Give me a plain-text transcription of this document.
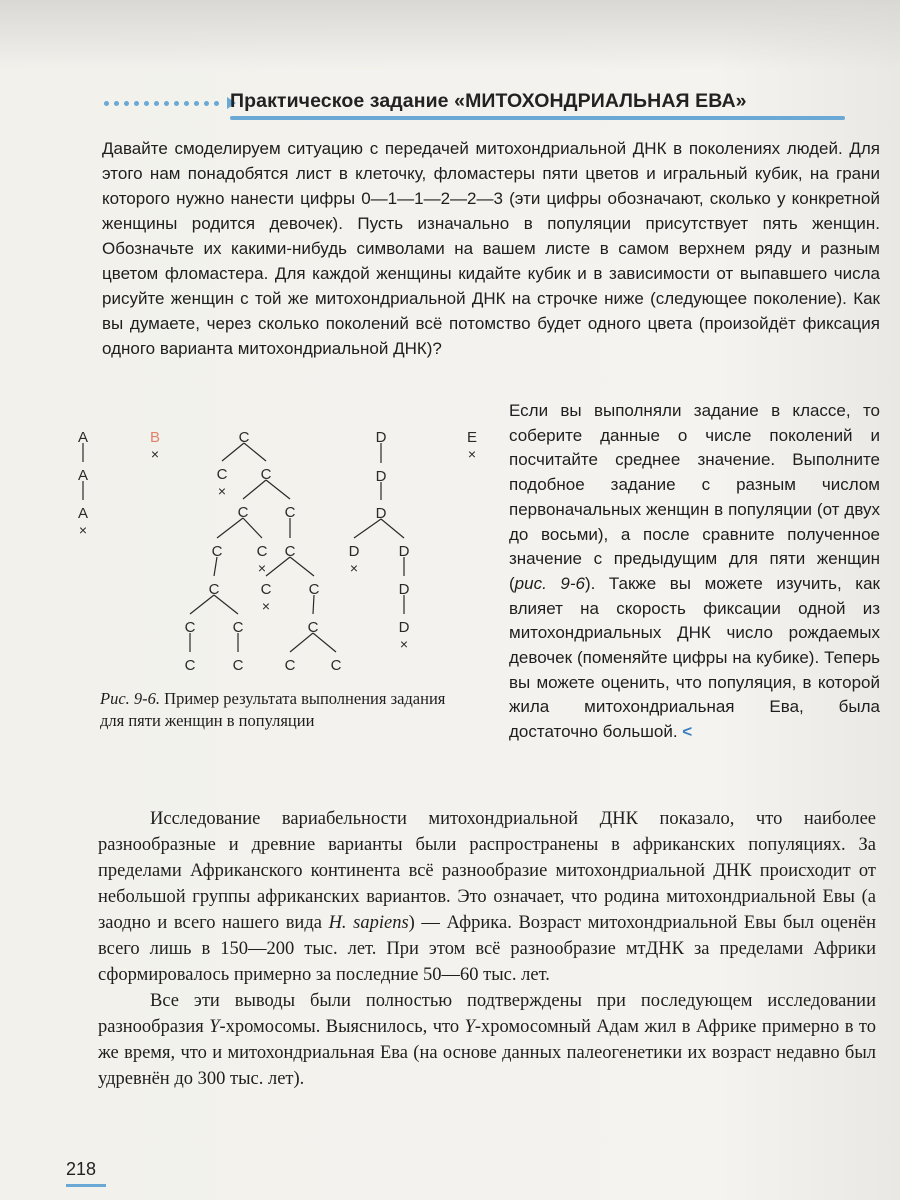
Практическое задание «МИТОХОНДРИАЛЬНАЯ ЕВА»

Давайте смоделируем ситуацию с передачей митохондриальной ДНК в поколениях людей. Для этого нам понадобятся лист в клеточку, фломастеры пяти цветов и игральный кубик, на грани которого нужно нанести цифры 0—1—1—2—2—3 (эти цифры обозначают, сколько у конкретной женщины родится девочек). Пусть изначально в популяции присутствует пять женщин. Обозначьте их какими-нибудь символами на вашем листе в самом верхнем ряду и разным цветом фломастера. Для каждой женщины кидайте кубик и в зависимости от выпавшего числа рисуйте женщин с той же митохондриальной ДНК на строчке ниже (следующее поколение). Как вы думаете, через сколько поколений всё потомство будет одного цвета (произойдёт фиксация одного варианта митохондриальной ДНК)?

A
A
A
×
B
×
C
C
×
C
C C
C C
×
C
C	C
×
C
C C	C
C C	C C
D
D
D
D
×
D
D
D
×
E
×

Рис. 9-6. Пример результата выполнения задания для пяти женщин в популяции

Если вы выполняли задание в классе, то соберите данные о числе поколений и посчитайте среднее значение. Выполните подобное задание с разным числом первоначальных женщин в популяции (от двух до восьми), а после сравните полученное значение с предыдущим для пяти женщин (рис. 9-6). Также вы можете изучить, как влияет на скорость фиксации одной из митохондриальных ДНК число рождаемых девочек (поменяйте цифры на кубике). Теперь вы можете оценить, что популяция, в которой жила митохондриальная Ева, была достаточно большой. <

Исследование вариабельности митохондриальной ДНК показало, что наиболее разнообразные и древние варианты были распространены в африканских популяциях. За пределами Африканского континента всё разнообразие митохондриальной ДНК происходит от небольшой группы африканских вариантов. Это означает, что родина митохондриальной Евы (а заодно и всего нашего вида H. sapiens) — Африка. Возраст митохондриальной Евы был оценён всего лишь в 150—200 тыс. лет. При этом всё разнообразие мтДНК за пределами Африки сформировалось примерно за последние 50—60 тыс. лет.

Все эти выводы были полностью подтверждены при последующем исследовании разнообразия Y-хромосомы. Выяснилось, что Y-хромосомный Адам жил в Африке примерно в то же время, что и митохондриальная Ева (на основе данных палеогенетики их возраст недавно был удревнён до 300 тыс. лет).

218
